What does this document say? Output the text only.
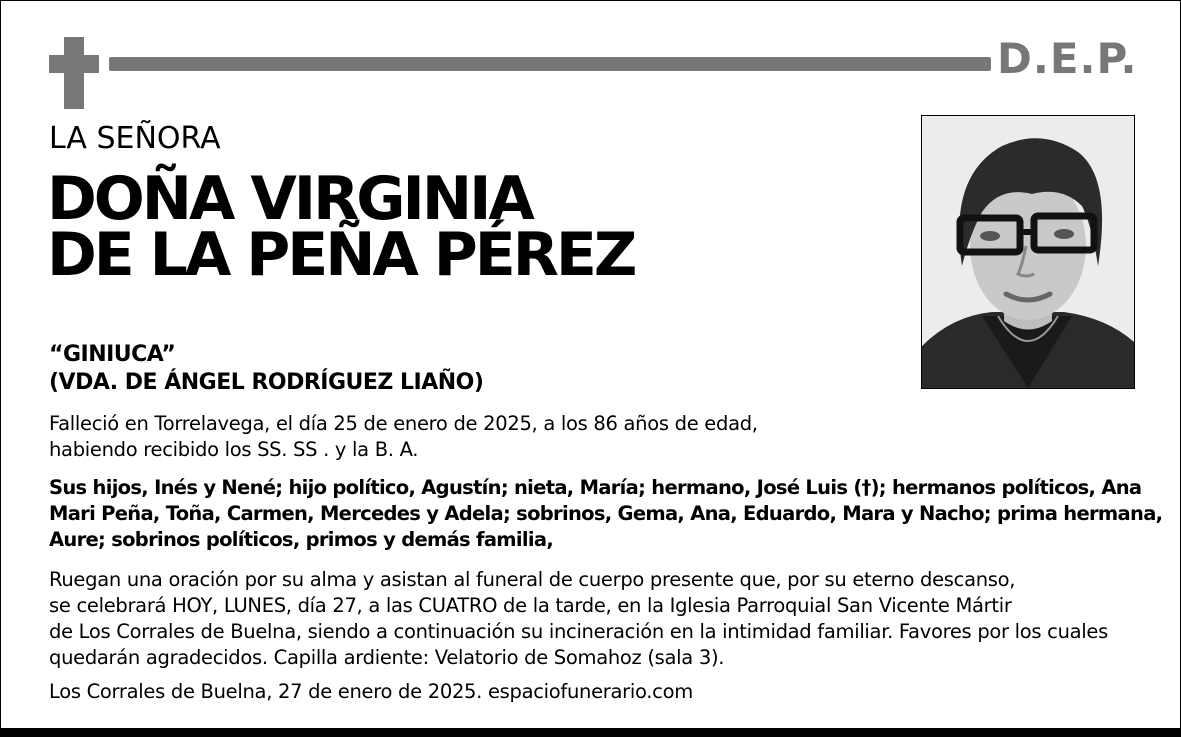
D.E.P.
LA SEÑORA
DOÑA VIRGINIA
DE LA PEÑA PÉREZ
“GINIUCA”
(VDA. DE ÁNGEL RODRÍGUEZ LIAÑO)
Falleció en Torrelavega, el día 25 de enero de 2025, a los 86 años de edad,
habiendo recibido los SS. SS . y la B. A.
Sus hijos, Inés y Nené; hijo político, Agustín; nieta, María; hermano, José Luis (†); hermanos políticos, Ana
Mari Peña, Toña, Carmen, Mercedes y Adela; sobrinos, Gema, Ana, Eduardo, Mara y Nacho; prima hermana,
Aure; sobrinos políticos, primos y demás familia,
Ruegan una oración por su alma y asistan al funeral de cuerpo presente que, por su eterno descanso,
se celebrará HOY, LUNES, día 27, a las CUATRO de la tarde, en la Iglesia Parroquial San Vicente Mártir
de Los Corrales de Buelna, siendo a continuación su incineración en la intimidad familiar. Favores por los cuales
quedarán agradecidos. Capilla ardiente: Velatorio de Somahoz (sala 3).
Los Corrales de Buelna, 27 de enero de 2025. espaciofunerario.com
